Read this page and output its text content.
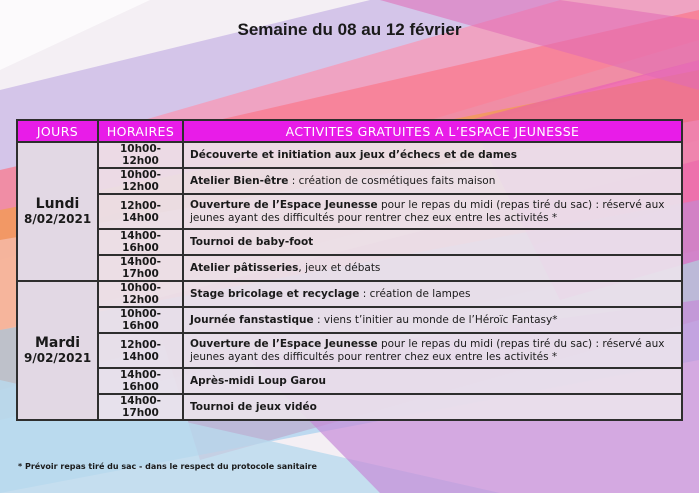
Semaine du 08 au 12 février
JOURS	HORAIRES	ACTIVITES GRATUITES A L’ESPACE JEUNESSE

Lundi
8/02/2021	10h00-12h00	Découverte et initiation aux jeux d’échecs et de dames
	10h00-12h00	Atelier Bien-être : création de cosmétiques faits maison
	12h00-14h00	Ouverture de l’Espace Jeunesse pour le repas du midi (repas tiré du sac) : réservé aux jeunes ayant des difficultés pour rentrer chez eux entre les activités *
	14h00-16h00	Tournoi de baby-foot
	14h00-17h00	Atelier pâtisseries, jeux et débats

Mardi
9/02/2021	10h00-12h00	Stage bricolage et recyclage : création de lampes
	10h00-16h00	Journée fanstastique : viens t’initier au monde de l’Héroïc Fantasy*
	12h00-14h00	Ouverture de l’Espace Jeunesse pour le repas du midi (repas tiré du sac) : réservé aux jeunes ayant des difficultés pour rentrer chez eux entre les activités *
	14h00-16h00	Après-midi Loup Garou
	14h00-17h00	Tournoi de jeux vidéo
* Prévoir repas tiré du sac - dans le respect du protocole sanitaire
